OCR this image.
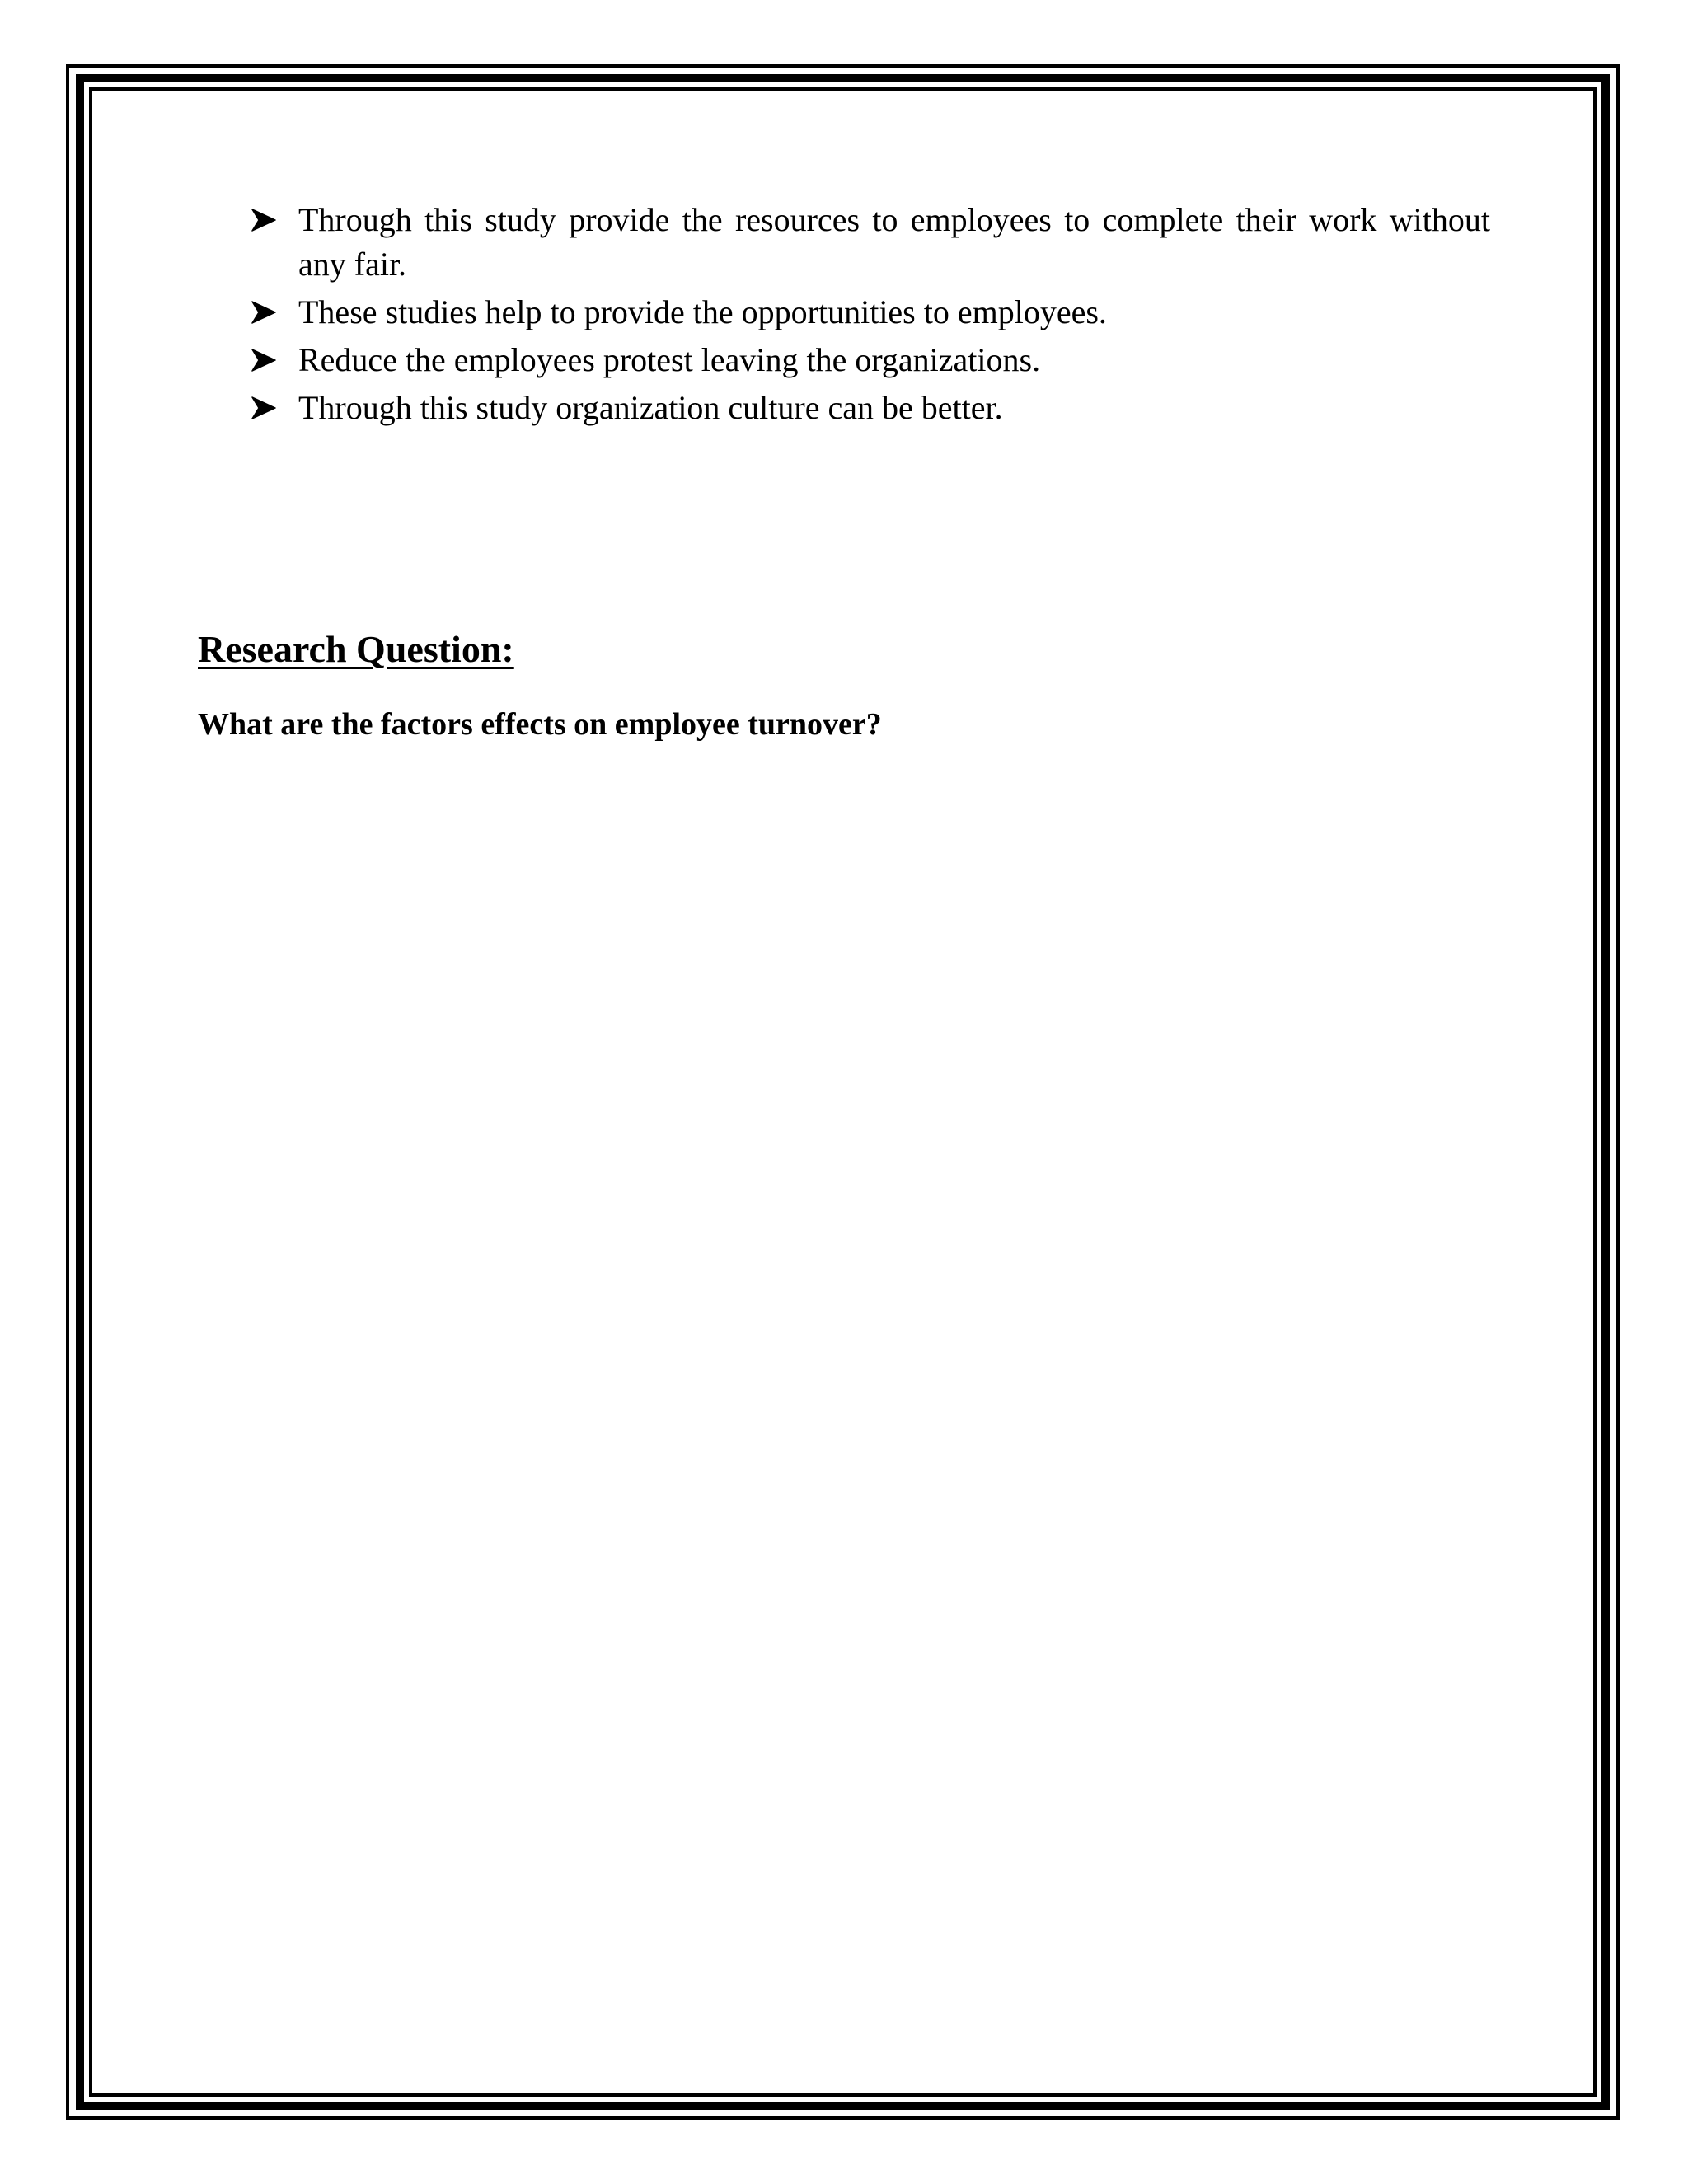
Through this study provide the resources to employees to complete their work without any fair.
These studies help to provide the opportunities to employees.
Reduce the employees protest leaving the organizations.
Through this study organization culture can be better.
Research Question:
What are the factors effects on employee turnover?
